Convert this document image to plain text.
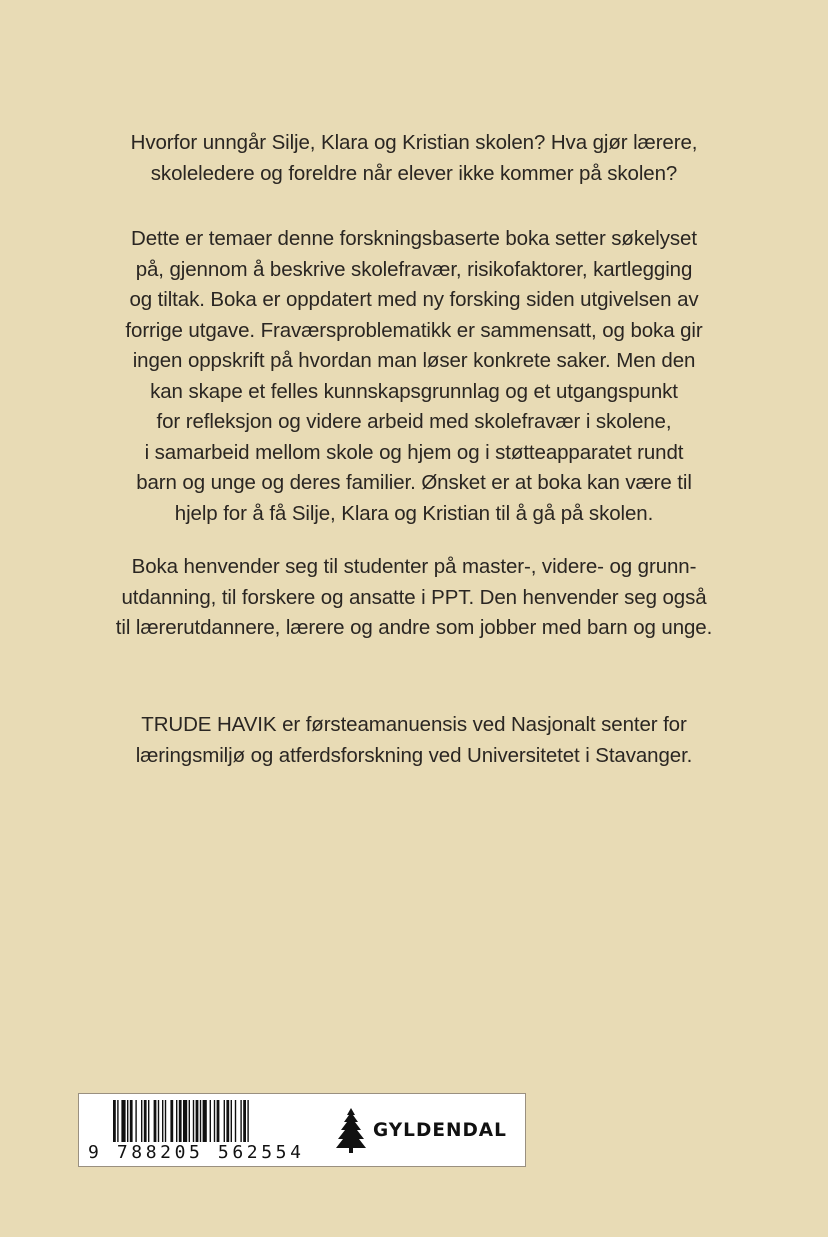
Hvorfor unngår Silje, Klara og Kristian skolen? Hva gjør lærere,
skoleledere og foreldre når elever ikke kommer på skolen?
Dette er temaer denne forskningsbaserte boka setter søkelyset
på, gjennom å beskrive skolefravær, risikofaktorer, kartlegging
og tiltak. Boka er oppdatert med ny forsking siden utgivelsen av
forrige utgave. Fraværsproblematikk er sammensatt, og boka gir
ingen oppskrift på hvordan man løser konkrete saker. Men den
kan skape et felles kunnskapsgrunnlag og et utgangspunkt
for refleksjon og videre arbeid med skolefravær i skolene,
i samarbeid mellom skole og hjem og i støtteapparatet rundt
barn og unge og deres familier. Ønsket er at boka kan være til
hjelp for å få Silje, Klara og Kristian til å gå på skolen.
Boka henvender seg til studenter på master-, videre- og grunn-
utdanning, til forskere og ansatte i PPT. Den henvender seg også
til lærerutdannere, lærere og andre som jobber med barn og unge.
TRUDE HAVIK er førsteamanuensis ved Nasjonalt senter for
læringsmiljø og atferdsforskning ved Universitetet i Stavanger.
9 788205 562554
GYLDENDAL
